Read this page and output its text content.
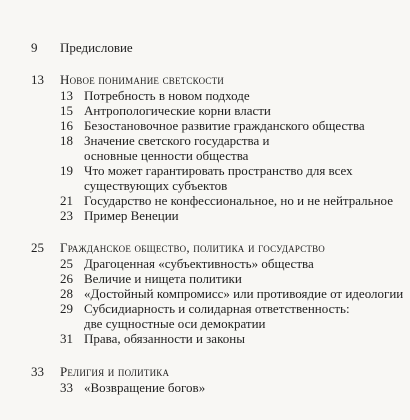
9 Предисловие
13 Новое понимание светскости
13 Потребность в новом подходе
15 Антропологические корни власти
16 Безостановочное развитие гражданского общества
18 Значение светского государства и
основные ценности общества
19 Что может гарантировать пространство для всех
существующих субъектов
21 Государство не конфессиональное, но и не нейтральное
23 Пример Венеции
25 Гражданское общество, политика и государство
25 Драгоценная «субъективность» общества
26 Величие и нищета политики
28 «Достойный компромисс» или противоядие от идеологии
29 Субсидиарность и солидарная ответственность:
две сущностные оси демократии
31 Права, обязанности и законы
33 Религия и политика
33 «Возвращение богов»
